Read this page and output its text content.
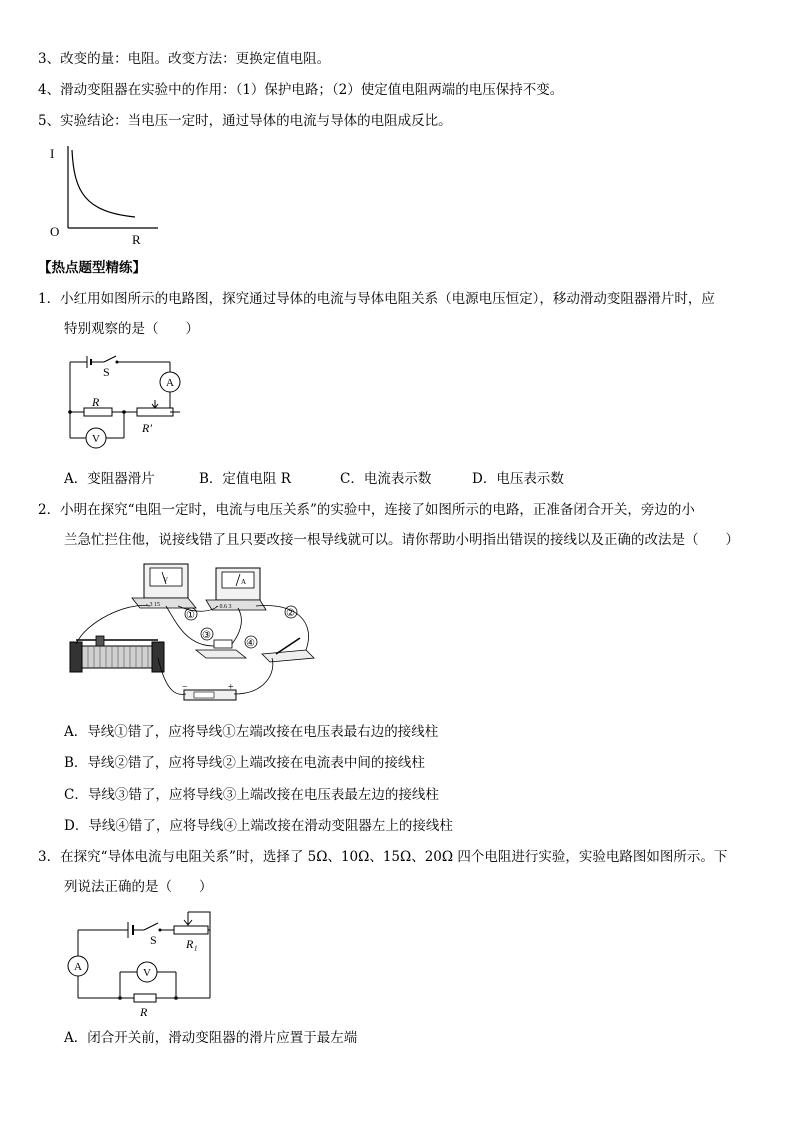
3、改变的量：电阻。改变方法：更换定值电阻。
4、滑动变阻器在实验中的作用：（1）保护电路；（2）使定值电阻两端的电压保持不变。
5、实验结论：当电压一定时，通过导体的电流与导体的电阻成反比。
I
O
R
【热点题型精练】
1．小红用如图所示的电路图，探究通过导体的电流与导体电阻关系（电源电压恒定），移动滑动变阻器滑片时，应
特别观察的是（　　）
S
A
R
R′
V
A．变阻器滑片	B．定值电阻 R	C．电流表示数	D．电压表示数
2．小明在探究“电阻一定时，电流与电压关系”的实验中，连接了如图所示的电路，正准备闭合开关，旁边的小
兰急忙拦住他，说接线错了且只要改接一根导线就可以。请你帮助小明指出错误的接线以及正确的改法是（　　）
V
- 3 15
A
- 0.6 3
①	②
③
④
−	+
A．导线①错了，应将导线①左端改接在电压表最右边的接线柱
B．导线②错了，应将导线②上端改接在电流表中间的接线柱
C．导线③错了，应将导线③上端改接在电压表最左边的接线柱
D．导线④错了，应将导线④上端改接在滑动变阻器左上的接线柱
3．在探究“导体电流与电阻关系”时，选择了 5Ω、10Ω、15Ω、20Ω 四个电阻进行实验，实验电路图如图所示。下
列说法正确的是（　　）
S R₁
A
R
V
A．闭合开关前，滑动变阻器的滑片应置于最左端
